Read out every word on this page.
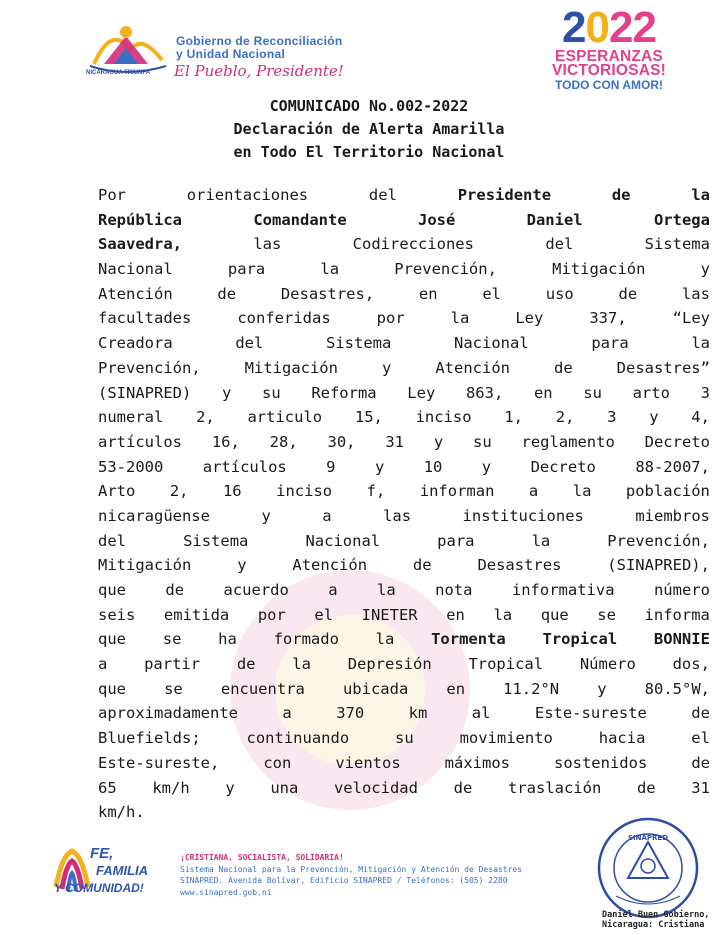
NICARAGUA TRIUNFA
Gobierno de Reconciliación
y Unidad Nacional
El Pueblo, Presidente!
2022
ESPERANZAS
VICTORIOSAS!
TODO CON AMOR!
COMUNICADO No.002-2022
Declaración de Alerta Amarilla
en Todo El Territorio Nacional
Por	orientaciones	del	Presidente	de	la
República	Comandante	José	Daniel	Ortega
Saavedra,	las	Codirecciones	del	Sistema
Nacional	para	la	Prevención,	Mitigación	y
Atención	de	Desastres,	en	el	uso	de	las
facultades	conferidas	por	la	Ley	337,	“Ley
Creadora	del	Sistema	Nacional	para	la
Prevención,	Mitigación	y	Atención	de	Desastres”
(SINAPRED) y su Reforma Ley 863, en su arto 3
numeral 2, articulo 15, inciso 1, 2, 3 y 4,
artículos 16, 28, 30, 31 y su reglamento Decreto
53-2000	artículos	9	y	10	y	Decreto	88-2007,
Arto 2, 16 inciso f, informan a la población
nicaragüense	y	a	las	instituciones	miembros
del	Sistema	Nacional	para	la	Prevención,
Mitigación	y	Atención	de	Desastres	(SINAPRED),
que	de	acuerdo	a	la	nota	informativa	número
seis emitida por el INETER en la que se informa
que se ha formado la Tormenta Tropical BONNIE
a partir de la Depresión Tropical Número dos,
que se encuentra ubicada en 11.2°N y 80.5°W,
aproximadamente	a	370	km	al	Este-sureste	de
Bluefields;	continuando	su	movimiento	hacia	el
Este-sureste,	con	vientos	máximos	sostenidos	de
65 km/h y una velocidad de traslación de 31
km/h.
FE,
FAMILIA
Y COMUNIDAD!
¡CRISTIANA, SOCIALISTA, SOLIDARIA!
Sistema Nacional para la Prevención, Mitigación y Atención de Desastres
SINAPRED. Avenida Bolívar, Edificio SINAPRED / Teléfonos: (505) 2280
www.sinapred.gob.ni
SINAPRED
Daniel Buen Gobierno,
Nicaragua: Cristiana
